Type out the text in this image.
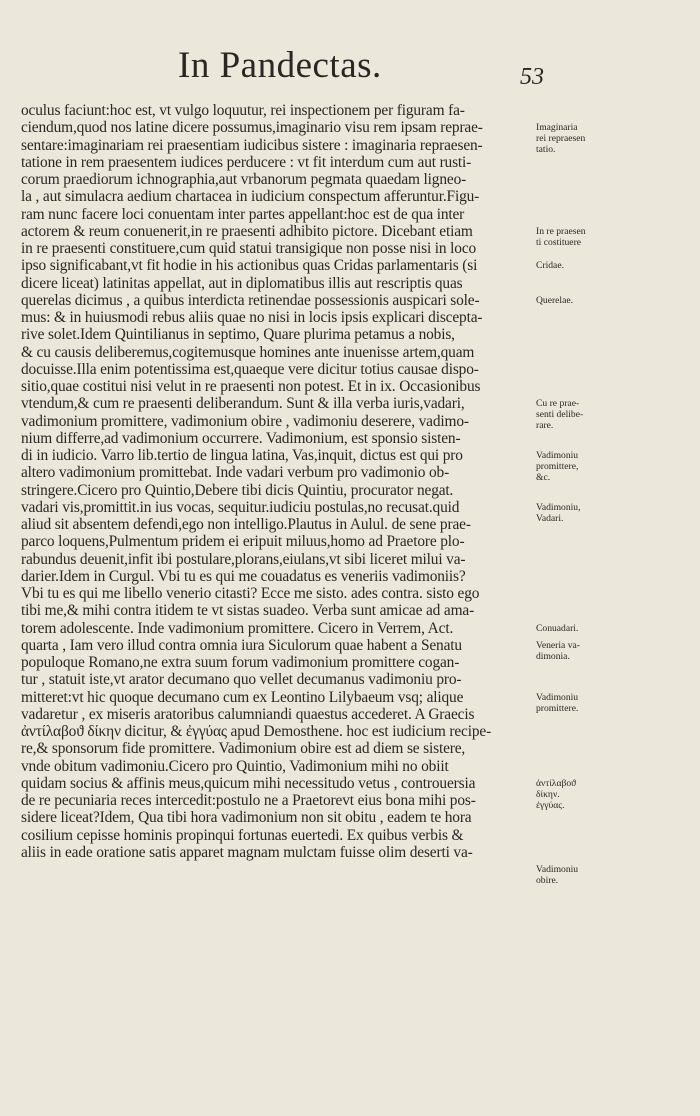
In Pandectas.	53
oculus faciunt:hoc est, vt vulgo loquutur, rei inspectionem per figuram fa-
ciendum,quod nos latine dicere possumus,imaginario visu rem ipsam reprae-
sentare:imaginariam rei praesentiam iudicibus sistere : imaginaria repraesen-
tatione in rem praesentem iudices perducere : vt fit interdum cum aut rusti-
corum praediorum ichnographia,aut vrbanorum pegmata quaedam ligneo-
la , aut simulacra aedium chartacea in iudicium conspectum afferuntur.Figu-
ram nunc facere loci conuentam inter partes appellant:hoc est de qua inter
actorem & reum conuenerit,in re praesenti adhibito pictore. Dicebant etiam
in re praesenti constituere,cum quid statui transigique non posse nisi in loco
ipso significabant,vt fit hodie in his actionibus quas Cridas parlamentaris (si
dicere liceat) latinitas appellat, aut in diplomatibus illis aut rescriptis quas
querelas dicimus , a quibus interdicta retinendae possessionis auspicari sole-
mus: & in huiusmodi rebus aliis quae no nisi in locis ipsis explicari disceptа-
rive solet.Idem Quintilianus in septimo, Quare plurima petamus a nobis,
& cu causis deliberemus,cogitemusque homines ante inuenisse artem,quam
docuisse.Illa enim potentissima est,quaeque vere dicitur totius causae dispo-
sitio,quae costitui nisi velut in re praesenti non potest. Et in ix. Occasionibus
vtendum,& cum re praesenti deliberandum. Sunt & illa verba iuris,vadari,
vadimonium promittere, vadimonium obire , vadimoniu deserere, vadimo-
nium differre,ad vadimonium occurrere. Vadimonium, est sponsio sisten-
di in iudicio. Varro lib.tertio de lingua latina, Vas,inquit, dictus est qui pro
altero vadimonium promittebat. Inde vadari verbum pro vadimonio ob-
stringere.Cicero pro Quintio,Debere tibi dicis Quintiu, procurator negat.
vadari vis,promittit.in ius vocas, sequitur.iudiciu postulas,no recusat.quid
aliud sit absentem defendi,ego non intelligo.Plautus in Aulul. de sene prae-
parco loquens,Pulmentum pridem ei eripuit miluus,homo ad Praetore plo-
rabundus deuenit,infit ibi postulare,plorans,eiulans,vt sibi liceret milui va-
darier.Idem in Curgul. Vbi tu es qui me couadatus es veneriis vadimoniis?
Vbi tu es qui me libello venerio citasti? Ecce me sisto. ades contra. sisto ego
tibi me,& mihi contra itidem te vt sistas suadeo. Verba sunt amicae ad ama-
torem adolescente. Inde vadimonium promittere. Cicero in Verrem, Act.
quarta , Iam vero illud contra omnia iura Siculorum quae habent a Senatu
populoque Romano,ne extra suum forum vadimonium promittere cogan-
tur , statuit iste,vt arator decumano quo vellet decumanus vadimoniu pro-
mitteret:vt hic quoque decumano cum ex Leontino Lilybaeum vsq; alique
vadaretur , ex miseris aratoribus calumniandi quaestus accederet. A Graecis
ἀντίλαβοϑ δίκην dicitur, & ἐγγύας apud Demosthene. hoc est iudicium recipe-
re,& sponsorum fide promittere. Vadimonium obire est ad diem se sistere,
vnde obitum vadimoniu.Cicero pro Quintio, Vadimonium mihi no obiit
quidam socius & affinis meus,quicum mihi necessitudo vetus , controuersia
de re pecuniaria reces intercedit:postulo ne a Praetorevt eius bona mihi pos-
sidere liceat?Idem, Qua tibi hora vadimonium non sit obitu , eadem te hora
cosilium cepisse hominis propinqui fortunas euertedi. Ex quibus verbis &
aliis in eade oratione satis apparet magnam mulctam fuisse olim deserti va-
Imaginaria
rei repraesen
tatio.
In re praesen
ti costituere
Cridae.
Querelae.
Cu re prae-
senti delibe-
rare.
Vadimoniu
promittere,
&c.
Vadimoniu,
Vadari.
Conuadari.
Veneria va-
dimonia.
Vadimoniu
promittere.
ἀντίλαβοϑ
δίκην.
ἐγγύας.
Vadimoniu
obire.
